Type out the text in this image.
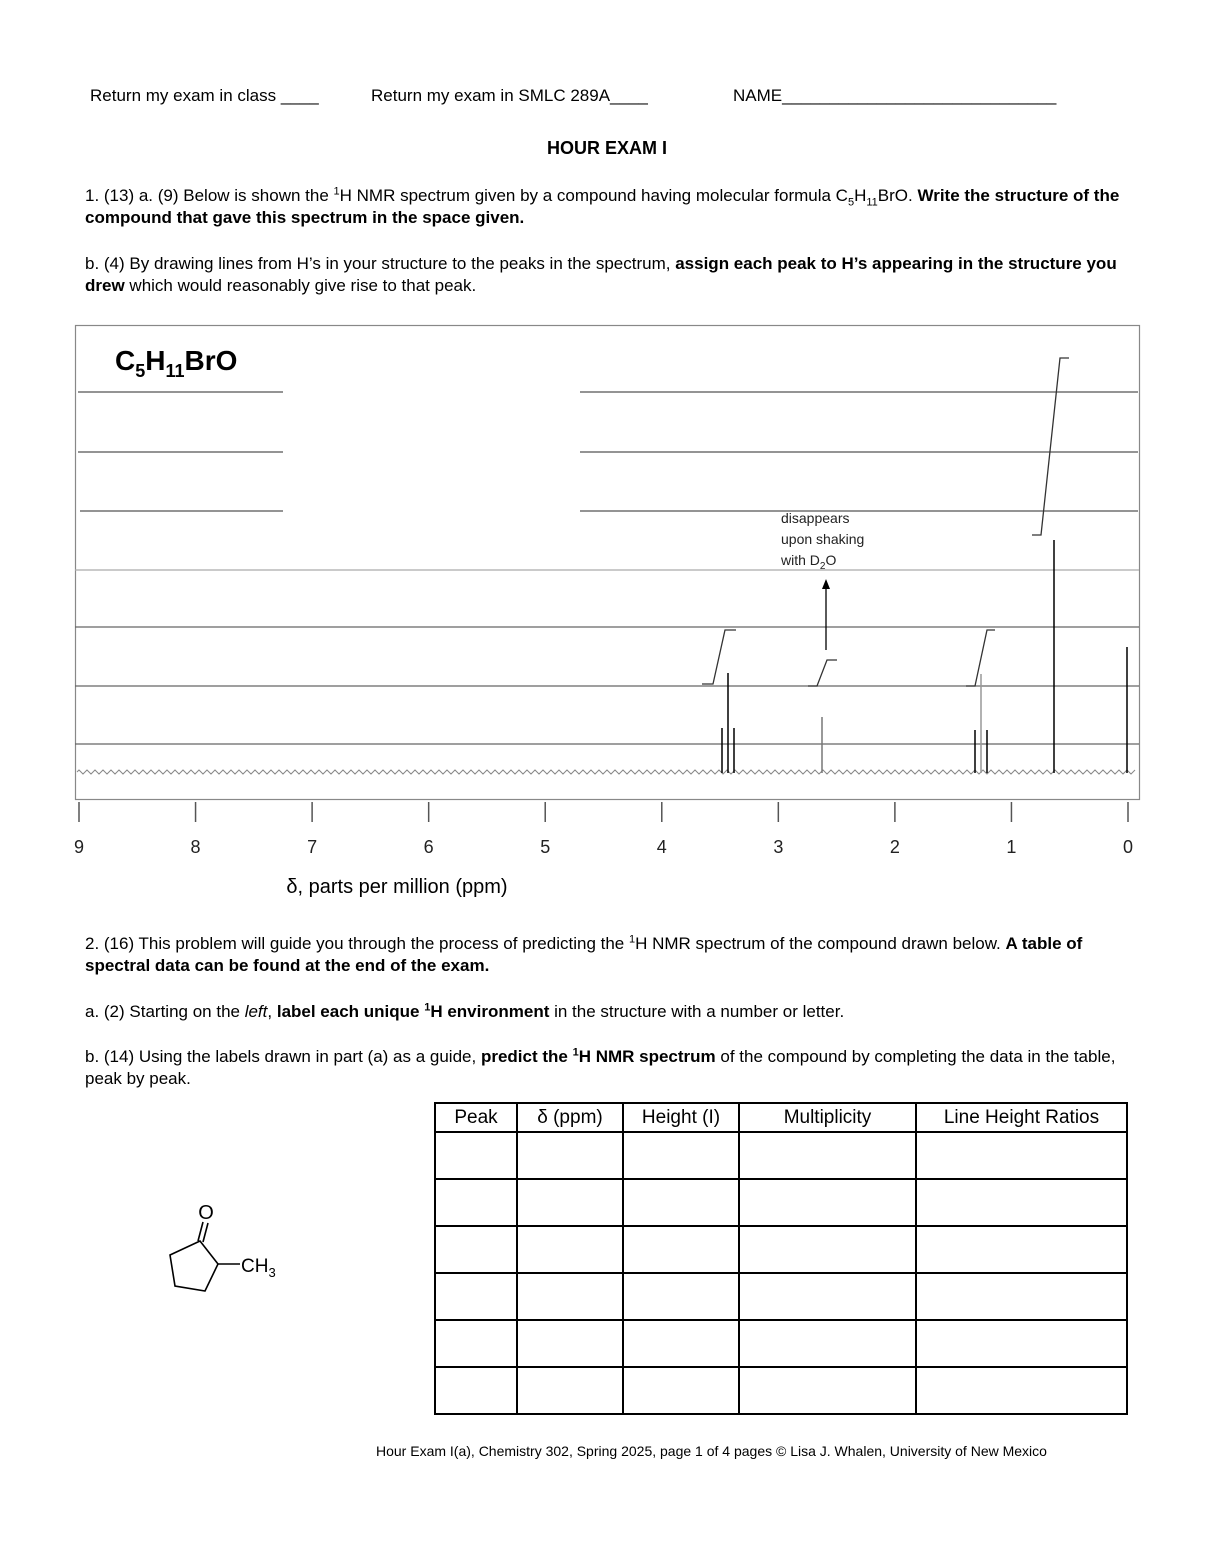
Return my exam in class ____	Return my exam in SMLC 289A____	NAME_____________________________
HOUR EXAM I
1. (13) a. (9) Below is shown the $^1$H NMR spectrum given by a compound having molecular formula $C_5H_{11}BrO$. Write the structure of the compound that gave this spectrum in the space given.
b. (4) By drawing lines from H’s in your structure to the peaks in the spectrum, assign each peak to H’s appearing in the structure you drew which would reasonably give rise to that peak.
$C_5H_{11}BrO$
disappears
upon shaking
with $D_2O$
9	8	7	6	5	4	3	2	1	0
δ, parts per million (ppm)
2. (16) This problem will guide you through the process of predicting the $^1$H NMR spectrum of the compound drawn below. A table of spectral data can be found at the end of the exam.
a. (2) Starting on the left, label each unique $^1$H environment in the structure with a number or letter.
b. (14) Using the labels drawn in part (a) as a guide, predict the $^1$H NMR spectrum of the compound by completing the data in the table, peak by peak.
O
$CH_3$
Peak	δ (ppm)	Height (I)	Multiplicity	Line Height Ratios

Hour Exam I(a), Chemistry 302, Spring 2025, page 1 of 4 pages © Lisa J. Whalen, University of New Mexico
